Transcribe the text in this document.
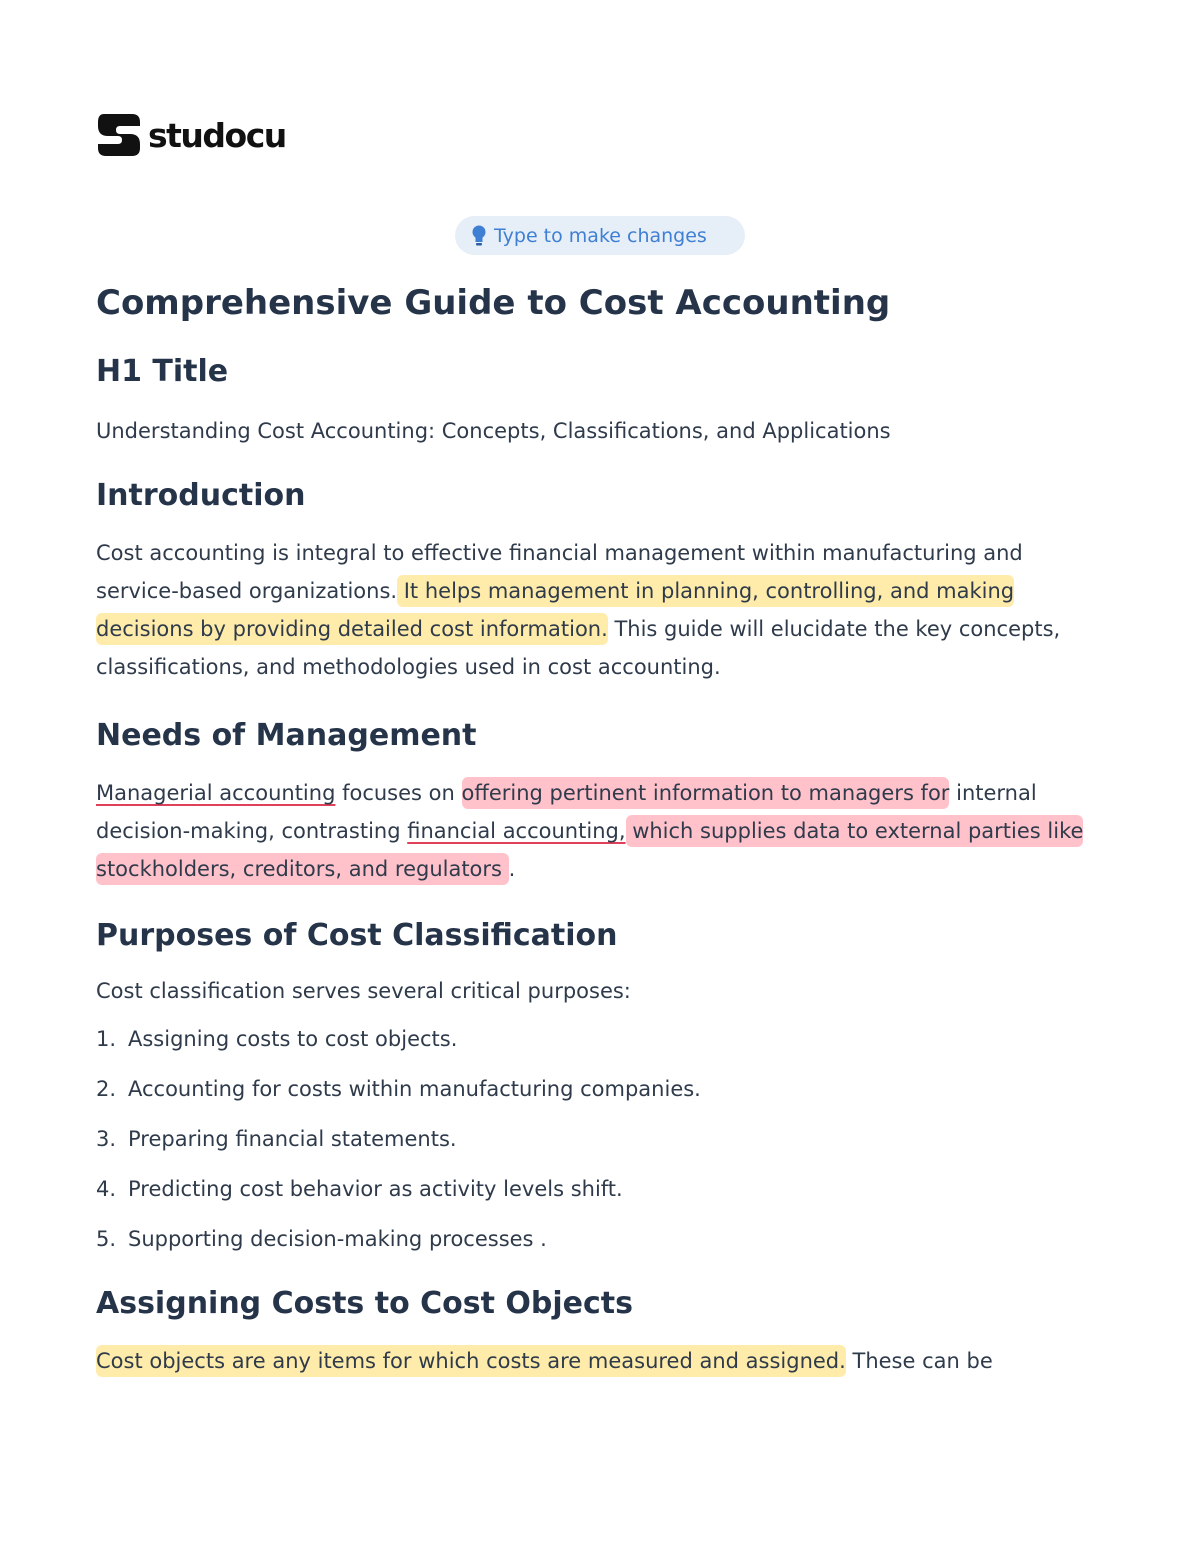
studocu
Type to make changes
Comprehensive Guide to Cost Accounting
H1 Title

Understanding Cost Accounting: Concepts, Classifications, and Applications

Introduction

Cost accounting is integral to effective financial management within manufacturing and service-based organizations. It helps management in planning, controlling, and making decisions by providing detailed cost information. This guide will elucidate the key concepts, classifications, and methodologies used in cost accounting.

Needs of Management

Managerial accounting focuses on offering pertinent information to managers for internal decision-making, contrasting financial accounting, which supplies data to external parties like stockholders, creditors, and regulators .

Purposes of Cost Classification

Cost classification serves several critical purposes:

1. Assigning costs to cost objects.
2. Accounting for costs within manufacturing companies.
3. Preparing financial statements.
4. Predicting cost behavior as activity levels shift.
5. Supporting decision-making processes .
Assigning Costs to Cost Objects

Cost objects are any items for which costs are measured and assigned. These can be
